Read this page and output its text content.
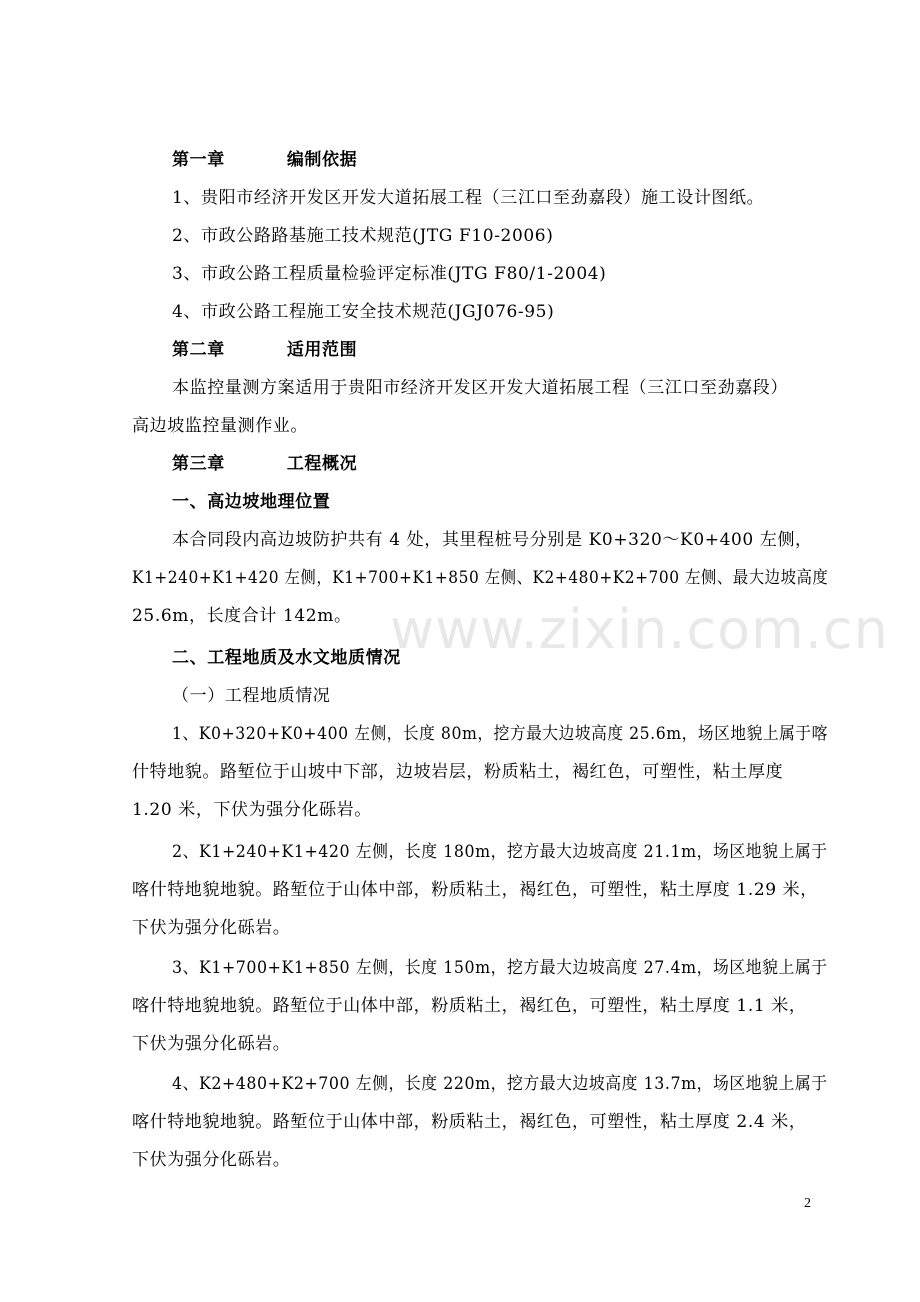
第一章	编制依据
1、贵阳市经济开发区开发大道拓展工程（三江口至劲嘉段）施工设计图纸。
2、市政公路路基施工技术规范(JTG F10-2006)
3、市政公路工程质量检验评定标准(JTG F80/1-2004)
4、市政公路工程施工安全技术规范(JGJ076-95)
第二章	适用范围
本监控量测方案适用于贵阳市经济开发区开发大道拓展工程（三江口至劲嘉段）
高边坡监控量测作业。
第三章	工程概况
一、高边坡地理位置
本合同段内高边坡防护共有 4 处，其里程桩号分别是 K0+320～K0+400 左侧，
K1+240+K1+420 左侧，K1+700+K1+850 左侧、K2+480+K2+700 左侧、最大边坡高度
25.6m，长度合计 142m。
二、工程地质及水文地质情况
（一）工程地质情况
1、K0+320+K0+400 左侧，长度 80m，挖方最大边坡高度 25.6m，场区地貌上属于喀
什特地貌。路堑位于山坡中下部，边坡岩层，粉质粘土，褐红色，可塑性，粘土厚度
1.20 米，下伏为强分化砾岩。
2、K1+240+K1+420 左侧，长度 180m，挖方最大边坡高度 21.1m，场区地貌上属于
喀什特地貌地貌。路堑位于山体中部，粉质粘土，褐红色，可塑性，粘土厚度 1.29 米，
下伏为强分化砾岩。
3、K1+700+K1+850 左侧，长度 150m，挖方最大边坡高度 27.4m，场区地貌上属于
喀什特地貌地貌。路堑位于山体中部，粉质粘土，褐红色，可塑性，粘土厚度 1.1 米，
下伏为强分化砾岩。
4、K2+480+K2+700 左侧，长度 220m，挖方最大边坡高度 13.7m，场区地貌上属于
喀什特地貌地貌。路堑位于山体中部，粉质粘土，褐红色，可塑性，粘土厚度 2.4 米，
下伏为强分化砾岩。
www.zixin.com.cn
2
